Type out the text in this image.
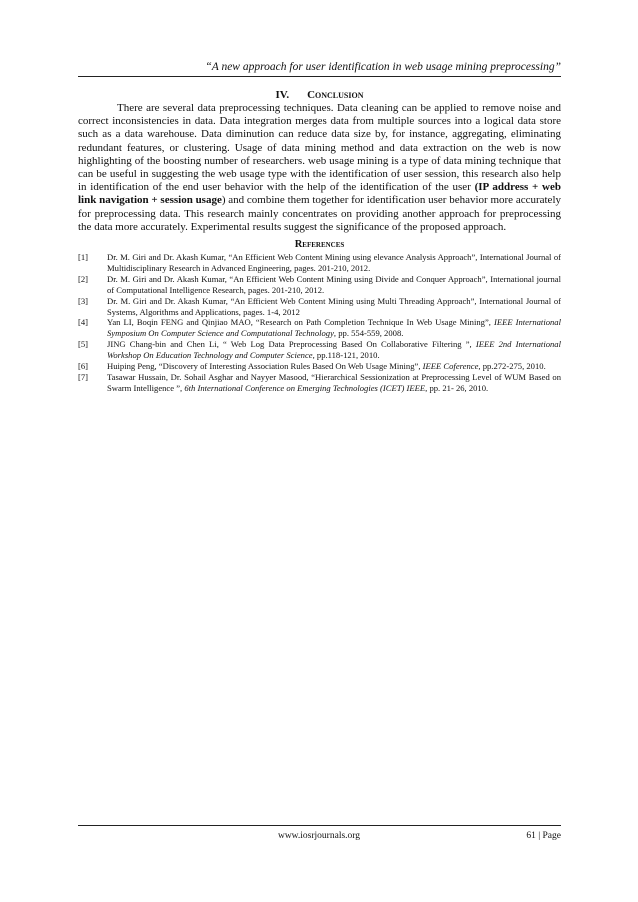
“A new approach for user identification in web usage mining preprocessing”
IV. Conclusion

There are several data preprocessing techniques. Data cleaning can be applied to remove noise and correct inconsistencies in data. Data integration merges data from multiple sources into a logical data store such as a data warehouse. Data diminution can reduce data size by, for instance, aggregating, eliminating redundant features, or clustering. Usage of data mining method and data extraction on the web is now highlighting of the boosting number of researchers. web usage mining is a type of data mining technique that can be useful in suggesting the web usage type with the identification of user session, this research also help in identification of the end user behavior with the help of the identification of the user (IP address + web link navigation + session usage) and combine them together for identification user behavior more accurately for preprocessing data. This research mainly concentrates on providing another approach for preprocessing the data more accurately. Experimental results suggest the significance of the proposed approach.

References
[1]	Dr. M. Giri and Dr. Akash Kumar, “An Efficient Web Content Mining using elevance Analysis Approach”, International Journal of Multidisciplinary Research in Advanced Engineering, pages. 201-210, 2012.
[2]	Dr. M. Giri and Dr. Akash Kumar, “An Efficient Web Content Mining using Divide and Conquer Approach”, International journal of Computational Intelligence Research, pages. 201-210, 2012.
[3]	Dr. M. Giri and Dr. Akash Kumar, “An Efficient Web Content Mining using Multi Threading Approach”, International Journal of Systems, Algorithms and Applications, pages. 1-4, 2012
[4]	Yan LI, Boqin FENG and Qinjiao MAO, “Research on Path Completion Technique In Web Usage Mining”, IEEE International Symposium On Computer Science and Computational Technology, pp. 554-559, 2008.
[5]	JING Chang-bin and Chen Li, “ Web Log Data Preprocessing Based On Collaborative Filtering ”, IEEE 2nd International Workshop On Education Technology and Computer Science, pp.118-121, 2010.
[6]	Huiping Peng, “Discovery of Interesting Association Rules Based On Web Usage Mining”, IEEE Coference, pp.272-275, 2010.
[7]	Tasawar Hussain, Dr. Sohail Asghar and Nayyer Masood, “Hierarchical Sessionization at Preprocessing Level of WUM Based on Swarm Intelligence ”, 6th International Conference on Emerging Technologies (ICET) IEEE, pp. 21- 26, 2010.
www.iosrjournals.org	61 | Page
